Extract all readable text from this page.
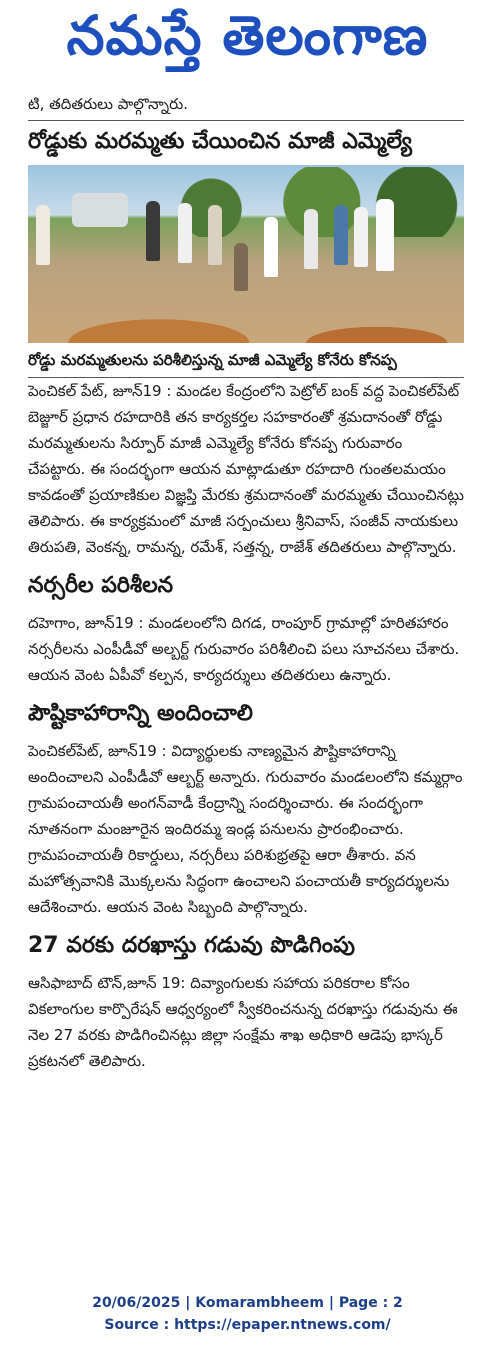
నమస్తే తెలంగాణ

టి, తదితరులు పాల్గొన్నారు.

రోడ్డుకు మరమ్మతు చేయించిన మాజీ ఎమ్మెల్యే
రోడ్డు మరమ్మతులను పరిశీలిస్తున్న మాజీ ఎమ్మెల్యే కోనేరు కోనప్ప

పెంచికల్ పేట్, జూన్19 : మండల కేంద్రంలోని పెట్రోల్ బంక్ వద్ద పెంచికల్‌పేట్ బెజ్జూర్ ప్రధాన రహదారికి తన కార్యకర్తల సహకారంతో శ్రమదానంతో రోడ్డు మరమ్మతులను సిర్పూర్ మాజీ ఎమ్మెల్యే కోనేరు కోనప్ప గురువారం చేపట్టారు. ఈ సందర్భంగా ఆయన మాట్లాడుతూ రహదారి గుంతలమయం కావడంతో ప్రయాణికుల విజ్ఞప్తి మేరకు శ్రమదానంతో మరమ్మతు చేయించినట్లు తెలిపారు. ఈ కార్యక్రమంలో మాజీ సర్పంచులు శ్రీనివాస్, సంజీవ్ నాయకులు తిరుపతి, వెంకన్న, రామన్న, రమేశ్, సత్తన్న, రాజేశ్ తదితరులు పాల్గొన్నారు.

నర్సరీల పరిశీలన

దహెగాం, జూన్19 : మండలంలోని దిగడ, రాంపూర్ గ్రామాల్లో హరితహారం నర్సరీలను ఎంపీడీవో అల్బర్ట్ గురువారం పరిశీలించి పలు సూచనలు చేశారు. ఆయన వెంట ఏపీవో కల్పన, కార్యదర్శులు తదితరులు ఉన్నారు.

పౌష్టికాహారాన్ని అందించాలి

పెంచికల్‌పేట్, జూన్19 : విద్యార్థులకు నాణ్యమైన పౌష్టికాహారాన్ని అందించాలని ఎంపీడీవో ఆల్బర్ట్ అన్నారు. గురువారం మండలంలోని కమ్మర్గాం గ్రామపంచాయతీ అంగన్‌వాడీ కేంద్రాన్ని సందర్శించారు. ఈ సందర్భంగా నూతనంగా మంజూరైన ఇందిరమ్మ ఇండ్ల పనులను ప్రారంభించారు. గ్రామపంచాయతీ రికార్డులు, నర్సరీలు పరిశుభ్రతపై ఆరా తీశారు. వన మహోత్సవానికి మొక్కలను సిద్ధంగా ఉంచాలని పంచాయతీ కార్యదర్శులను ఆదేశించారు. ఆయన వెంట సిబ్బంది పాల్గొన్నారు.

27 వరకు దరఖాస్తు గడువు పొడిగింపు

ఆసిఫాబాద్ టౌన్,జూన్ 19: దివ్యాంగులకు సహాయ పరికరాల కోసం వికలాంగుల కార్పొరేషన్ ఆధ్వర్యంలో స్వీకరించనున్న దరఖాస్తు గడువును ఈ నెల 27 వరకు పొడిగించినట్లు జిల్లా సంక్షేమ శాఖ అధికారి ఆడెపు భాస్కర్ ప్రకటనలో తెలిపారు.

20/06/2025 | Komarambheem | Page : 2
Source : https://epaper.ntnews.com/
